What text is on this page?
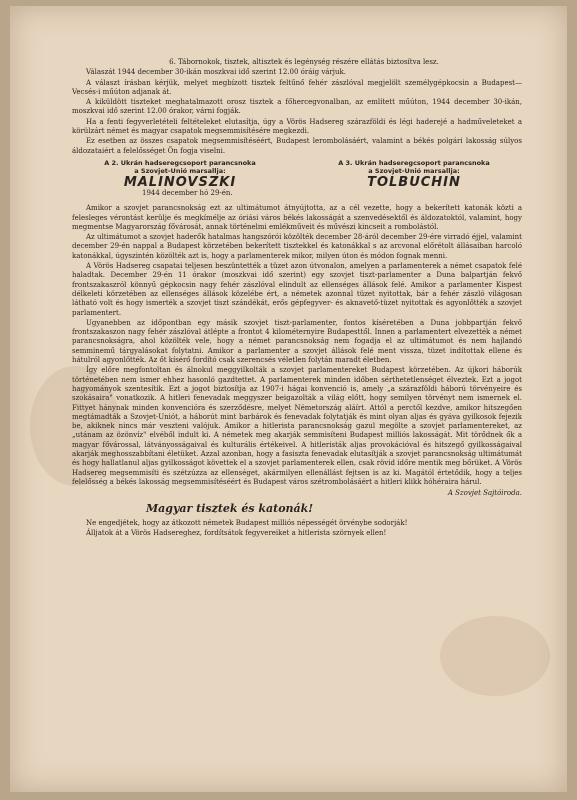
6. Tábornokok, tisztek, altisztek és legénység részére ellátás biztosítva lesz.

Válaszát 1944 december 30-ikán moszkvai idő szerint 12.00 óráig várjuk.

A választ írásban kérjük, melyet megbízott tisztek feltűnő fehér zászlóval megjelölt személygépkocsin a Budapest—Vecsés-i műúton adjanak át.

A kiküldött tiszteket meghatalmazott orosz tisztek a főhercegvonalban, az említett műúton, 1944 december 30-ikán, moszkvai idő szerint 12.00 órakor, várni fogják.

Ha a fenti fegyverletételi feltételeket elutasítja, úgy a Vörös Hadsereg szárazföldi és légi haderejé a hadműveleteket a körülzárt német és magyar csapatok megsemmisítésére megkezdi.

Ez esetben az összes csapatok megsemmisítéséért, Budapest lerombolásáért, valamint a békés polgári lakosság súlyos áldozataiért a felelősséget Ön fogja viselni.

A 2. Ukrán hadseregcsoport parancsnoka
a Szovjet-Unió marsallja:
MALINOVSZKI
A 3. Ukrán hadseregcsoport parancsnoka
a Szovjet-Unió marsallja:
TOLBUCHIN
1944 december hó 29-én.

Amikor a szovjet parancsnokság ezt az ultimátumot átnyújtotta, az a cél vezette, hogy a bekerített katonák közti a felesleges vérontást kerülje és megkímélje az óriási város békés lakosságát a szenvedésektől és áldozatoktól, valamint, hogy megmentse Magyarország fővárosát, annak történelmi emlékműveit és művészi kincseit a rombolástól.

Az ultimátumot a szovjet haderők hatalmas hangszórói közölték december 28-áról december 29-ére virradó éjjel, valamint december 29-én nappal a Budapest körzetében bekerített tisztekkel és katonákkal s az arcvonal előrétolt állásaiban harcoló katonákkal, úgyszintén közölték azt is, hogy a parlamenterek mikor, milyen úton és módon fognak menni.

A Vörös Hadsereg csapatai teljesen beszüntették a tüzet azon útvonalon, amelyen a parlamenterek a német csapatok felé haladtak. December 29-én 11 órakor (moszkvai idő szerint) egy szovjet tiszt-parlamenter a Duna balpartján fekvő frontszakaszról könnyű gépkocsin nagy fehér zászlóval elindult az ellenséges állások felé. Amikor a parlamenter Kispest délkeleti körzetében az ellenséges állások közelébe ért, a németek azonnal tüzet nyitottak, bár a fehér zászló világosan látható volt és hogy ismerték a szovjet tiszt szándékát, erős gépfegyver- és aknavető-tüzet nyitottak és agyonlőtték a szovjet parlamentert.

Ugyanebben az időpontban egy másik szovjet tiszt-parlamenter, fontos kíséretében a Duna jobbpartján fekvő frontszakaszon nagy fehér zászlóval átlépte a frontot 4 kilométernyire Budapesttől. Innen a parlamentert elvezették a német parancsnokságra, ahol közölték vele, hogy a német parancsnokság nem fogadja el az ultimátumot és nem hajlandó semminemű tárgyalásokat folytatni. Amikor a parlamenter a szovjet állások felé ment vissza, tüzet indítottak ellene és hátulról agyonlőtték. Az őt kísérő fordító csak szerencsés véletlen folytán maradt életben.

Így előre megfontoltan és álnokul meggyilkolták a szovjet parlamentereket Budapest körzetében. Az újkori háborúk történetében nem ismer ehhez hasonló gazdtettet. A parlamenterek minden időben sérthetetlenséget élveztek. Ezt a jogot hagyományok szentesítik. Ezt a jogot biztosítja az 1907-i hágai konvenció is, amely „a szárazföldi háború törvényeire és szokásaira" vonatkozik. A hitleri fenevadak meggyszer beigazolták a világ előtt, hogy semilyen törvényt nem ismernek el. Fittyet hánynak minden konvencióra és szerződésre, melyet Németország aláírt. Attól a perctől kezdve, amikor hitszegően megtámadták a Szovjet-Uniót, a háborút mint barbárok és fenevadak folytatják és mint olyan aljas és gyáva gyilkosok fejezik be, akiknek nincs már veszteni valójuk. Amikor a hitlerista parancsnokság gazul megölte a szovjet parlamentereket, az „utánam az özönvíz" elvéből indult ki. A németek meg akarják semmisíteni Budapest milliós lakosságát. Mit törődnek ők a magyar fővárossal, látványosságaival és kulturális értékeivel. A hitleristák aljas provokációval és hitszegő gyilkosságaival akarják meghosszabbítani életüket. Azzal azonban, hogy a fasiszta fenevadak elutasítják a szovjet parancsnokság ultimátumát és hogy hallatlanul aljas gyilkosságot követtek el a szovjet parlamenterek ellen, csak rövid időre mentik meg bőrüket. A Vörös Hadsereg megsemmisíti és szétzúzza az ellenséget, akármilyen ellenállást fejtsen is az ki. Magától értetődik, hogy a teljes felelősség a békés lakosság megsemmisítéséért és Budapest város szétrombolásáért a hitleri klikk hóhéraira hárul.

A Szovjet Sajtóiroda.
Magyar tisztek és katonák!

Ne engedjétek, hogy az átkozott németek Budapest milliós népességét örvénybe sodorják!

Álljatok át a Vörös Hadsereghez, fordítsátok fegyvereiket a hitlerista szörnyek ellen!
